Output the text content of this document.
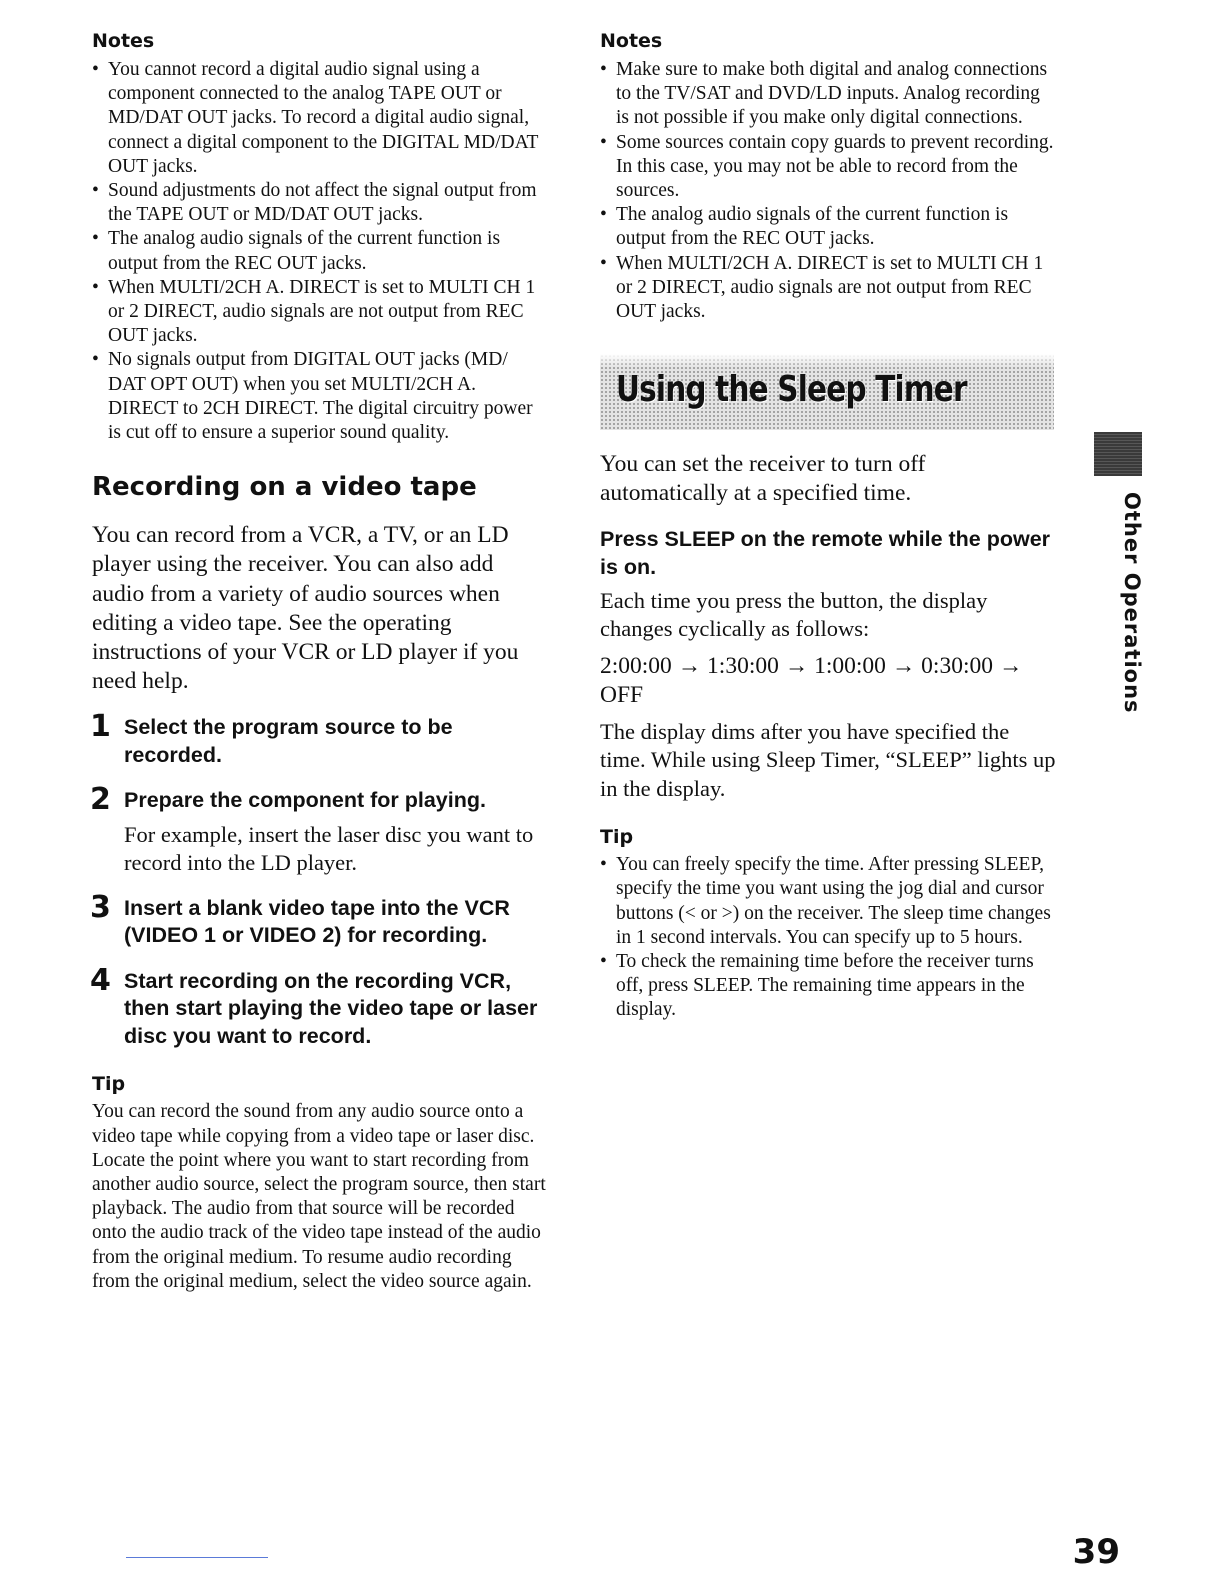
Notes
• You cannot record a digital audio signal using a component connected to the analog TAPE OUT or MD/DAT OUT jacks. To record a digital audio signal, connect a digital component to the DIGITAL MD/DAT OUT jacks.
• Sound adjustments do not affect the signal output from the TAPE OUT or MD/DAT OUT jacks.
• The analog audio signals of the current function is output from the REC OUT jacks.
• When MULTI/2CH A. DIRECT is set to MULTI CH 1 or 2 DIRECT, audio signals are not output from REC OUT jacks.
• No signals output from DIGITAL OUT jacks (MD/ DAT OPT OUT) when you set MULTI/2CH A. DIRECT to 2CH DIRECT. The digital circuitry power is cut off to ensure a superior sound quality.
Recording on a video tape

You can record from a VCR, a TV, or an LD player using the receiver. You can also add audio from a variety of audio sources when editing a video tape. See the operating instructions of your VCR or LD player if you need help.

1 Select the program source to be recorded.

2 Prepare the component for playing.

For example, insert the laser disc you want to record into the LD player.

3 Insert a blank video tape into the VCR (VIDEO 1 or VIDEO 2) for recording.

4 Start recording on the recording VCR, then start playing the video tape or laser disc you want to record.

Tip

You can record the sound from any audio source onto a video tape while copying from a video tape or laser disc. Locate the point where you want to start recording from another audio source, select the program source, then start playback. The audio from that source will be recorded onto the audio track of the video tape instead of the audio from the original medium. To resume audio recording from the original medium, select the video source again.

Notes
• Make sure to make both digital and analog connections to the TV/SAT and DVD/LD inputs. Analog recording is not possible if you make only digital connections.
• Some sources contain copy guards to prevent recording. In this case, you may not be able to record from the sources.
• The analog audio signals of the current function is output from the REC OUT jacks.
• When MULTI/2CH A. DIRECT is set to MULTI CH 1 or 2 DIRECT, audio signals are not output from REC OUT jacks.
Using the Sleep Timer

You can set the receiver to turn off automatically at a specified time.

Press SLEEP on the remote while the power is on.

Each time you press the button, the display changes cyclically as follows:

2:00:00 → 1:30:00 → 1:00:00 → 0:30:00 → OFF

The display dims after you have specified the time. While using Sleep Timer, “SLEEP” lights up in the display.

Tip
• You can freely specify the time. After pressing SLEEP, specify the time you want using the jog dial and cursor buttons (< or >) on the receiver. The sleep time changes in 1 second intervals. You can specify up to 5 hours.
• To check the remaining time before the receiver turns off, press SLEEP. The remaining time appears in the display.
Other Operations
39
